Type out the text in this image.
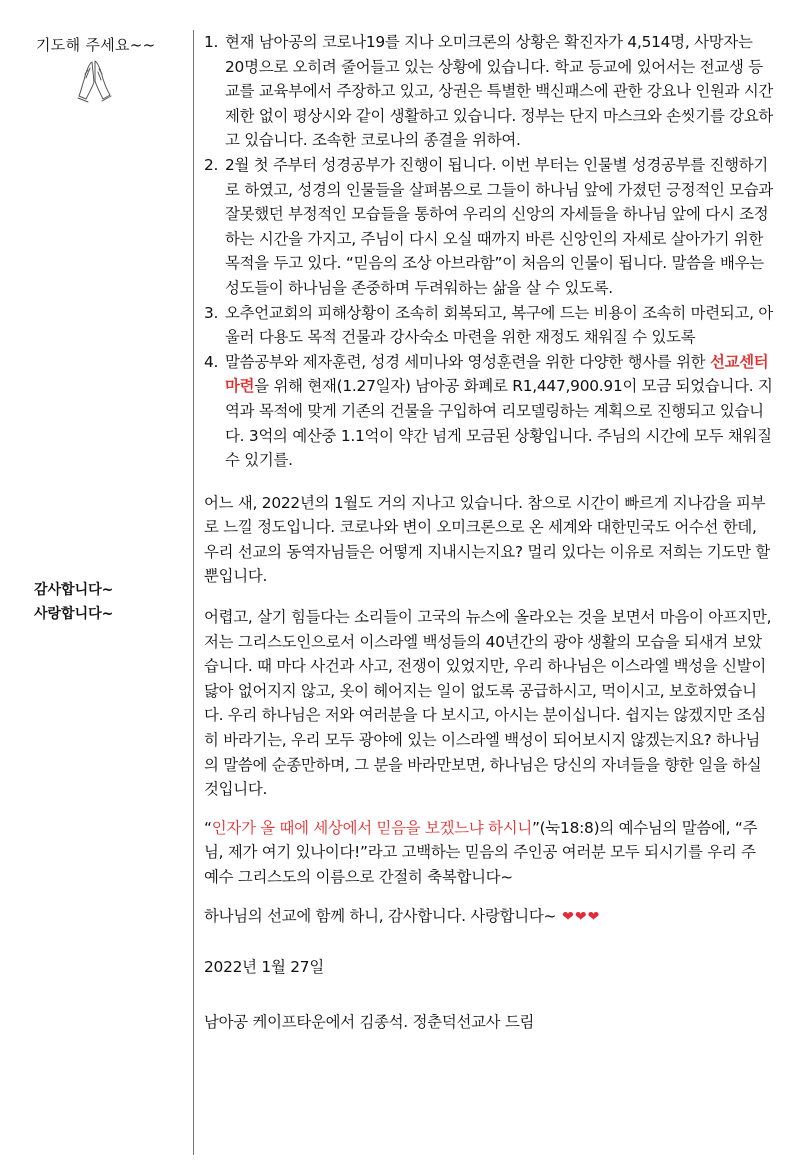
기도해 주세요~~
감사합니다~
사랑합니다~
1. 현재 남아공의 코로나19를 지나 오미크론의 상황은 확진자가 4,514명, 사망자는 20명으로 오히려 줄어들고 있는 상황에 있습니다. 학교 등교에 있어서는 전교생 등교를 교육부에서 주장하고 있고, 상권은 특별한 백신패스에 관한 강요나 인원과 시간제한 없이 평상시와 같이 생활하고 있습니다. 정부는 단지 마스크와 손씻기를 강요하고 있습니다. 조속한 코로나의 종결을 위하여.
2. 2월 첫 주부터 성경공부가 진행이 됩니다. 이번 부터는 인물별 성경공부를 진행하기로 하였고, 성경의 인물들을 살펴봄으로 그들이 하나님 앞에 가졌던 긍정적인 모습과 잘못했던 부정적인 모습들을 통하여 우리의 신앙의 자세들을 하나님 앞에 다시 조정하는 시간을 가지고, 주님이 다시 오실 때까지 바른 신앙인의 자세로 살아가기 위한 목적을 두고 있다. “믿음의 조상 아브라함”이 처음의 인물이 됩니다. 말씀을 배우는 성도들이 하나님을 존중하며 두려워하는 삶을 살 수 있도록.
3. 오추언교회의 피해상황이 조속히 회복되고, 복구에 드는 비용이 조속히 마련되고, 아울러 다용도 목적 건물과 강사숙소 마련을 위한 재정도 채워질 수 있도록
4. 말씀공부와 제자훈련, 성경 세미나와 영성훈련을 위한 다양한 행사를 위한 선교센터 마련을 위해 현재(1.27일자) 남아공 화폐로 R1,447,900.91이 모금 되었습니다. 지역과 목적에 맞게 기존의 건물을 구입하여 리모델링하는 계획으로 진행되고 있습니다. 3억의 예산중 1.1억이 약간 넘게 모금된 상황입니다. 주님의 시간에 모두 채워질 수 있기를.

어느 새, 2022년의 1월도 거의 지나고 있습니다. 참으로 시간이 빠르게 지나감을 피부로 느낄 정도입니다. 코로나와 변이 오미크론으로 온 세계와 대한민국도 어수선 한데, 우리 선교의 동역자님들은 어떻게 지내시는지요? 멀리 있다는 이유로 저희는 기도만 할 뿐입니다.

어렵고, 살기 힘들다는 소리들이 고국의 뉴스에 올라오는 것을 보면서 마음이 아프지만, 저는 그리스도인으로서 이스라엘 백성들의 40년간의 광야 생활의 모습을 되새겨 보았습니다. 때 마다 사건과 사고, 전쟁이 있었지만, 우리 하나님은 이스라엘 백성을 신발이 닳아 없어지지 않고, 옷이 헤어지는 일이 없도록 공급하시고, 먹이시고, 보호하였습니다. 우리 하나님은 저와 여러분을 다 보시고, 아시는 분이십니다. 쉽지는 않겠지만 조심히 바라기는, 우리 모두 광야에 있는 이스라엘 백성이 되어보시지 않겠는지요? 하나님의 말씀에 순종만하며, 그 분을 바라만보면, 하나님은 당신의 자녀들을 향한 일을 하실 것입니다.

“인자가 올 때에 세상에서 믿음을 보겠느냐 하시니”(눅18:8)의 예수님의 말씀에, “주님, 제가 여기 있나이다!”라고 고백하는 믿음의 주인공 여러분 모두 되시기를 우리 주 예수 그리스도의 이름으로 간절히 축복합니다~

하나님의 선교에 함께 하니, 감사합니다. 사랑합니다~ ❤❤❤

2022년 1월 27일

남아공 케이프타운에서 김종석. 정춘덕선교사 드림
